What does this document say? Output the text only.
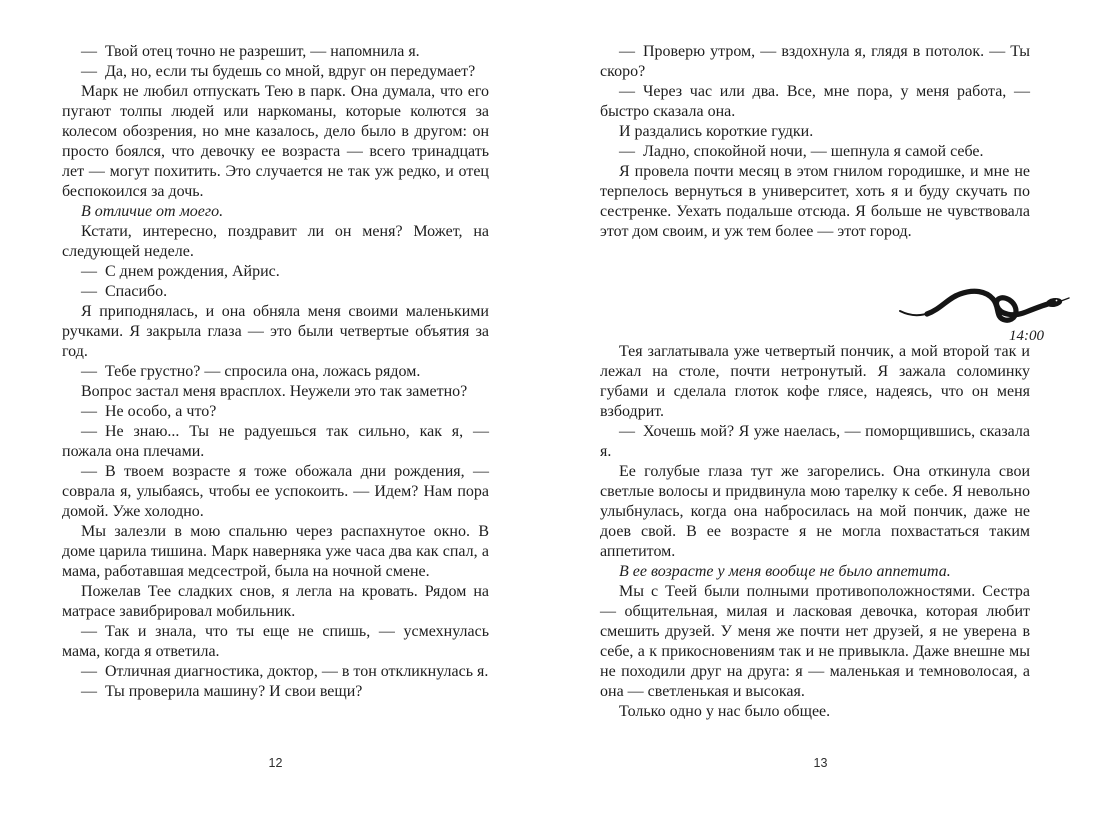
— Твой отец точно не разрешит, — напомнила я.

— Да, но, если ты будешь со мной, вдруг он передумает?

Марк не любил отпускать Тею в парк. Она думала, что его пугают толпы людей или наркоманы, которые колются за колесом обозрения, но мне казалось, дело было в другом: он просто боялся, что девочку ее возраста — всего тринадцать лет — могут похитить. Это случается не так уж редко, и отец беспокоился за дочь.

В отличие от моего.

Кстати, интересно, поздравит ли он меня? Может, на следующей неделе.

— С днем рождения, Айрис.

— Спасибо.

Я приподнялась, и она обняла меня своими маленькими ручками. Я закрыла глаза — это были четвертые объятия за год.

— Тебе грустно? — спросила она, ложась рядом.

Вопрос застал меня врасплох. Неужели это так заметно?

— Не особо, а что?

— Не знаю... Ты не радуешься так сильно, как я, — пожала она плечами.

— В твоем возрасте я тоже обожала дни рождения, — соврала я, улыбаясь, чтобы ее успокоить. — Идем? Нам пора домой. Уже холодно.

Мы залезли в мою спальню через распахнутое окно. В доме царила тишина. Марк наверняка уже часа два как спал, а мама, работавшая медсестрой, была на ночной смене.

Пожелав Тее сладких снов, я легла на кровать. Рядом на матрасе завибрировал мобильник.

— Так и знала, что ты еще не спишь, — усмехнулась мама, когда я ответила.

— Отличная диагностика, доктор, — в тон откликнулась я.

— Ты проверила машину? И свои вещи?

— Проверю утром, — вздохнула я, глядя в потолок. — Ты скоро?

— Через час или два. Все, мне пора, у меня работа, — быстро сказала она.

И раздались короткие гудки.

— Ладно, спокойной ночи, — шепнула я самой себе.

Я провела почти месяц в этом гнилом городишке, и мне не терпелось вернуться в университет, хоть я и буду скучать по сестренке. Уехать подальше отсюда. Я больше не чувствовала этот дом своим, и уж тем более — этот город.

Тея заглатывала уже четвертый пончик, а мой второй так и лежал на столе, почти нетронутый. Я зажала соломинку губами и сделала глоток кофе глясе, надеясь, что он меня взбодрит.

— Хочешь мой? Я уже наелась, — поморщившись, сказала я.

Ее голубые глаза тут же загорелись. Она откинула свои светлые волосы и придвинула мою тарелку к себе. Я невольно улыбнулась, когда она набросилась на мой пончик, даже не доев свой. В ее возрасте я не могла похвастаться таким аппетитом.

В ее возрасте у меня вообще не было аппетита.

Мы с Теей были полными противоположностями. Сестра — общительная, милая и ласковая девочка, которая любит смешить друзей. У меня же почти нет друзей, я не уверена в себе, а к прикосновениям так и не привыкла. Даже внешне мы не походили друг на друга: я — маленькая и темноволосая, а она — светленькая и высокая.

Только одно у нас было общее.

14:00
12	13
